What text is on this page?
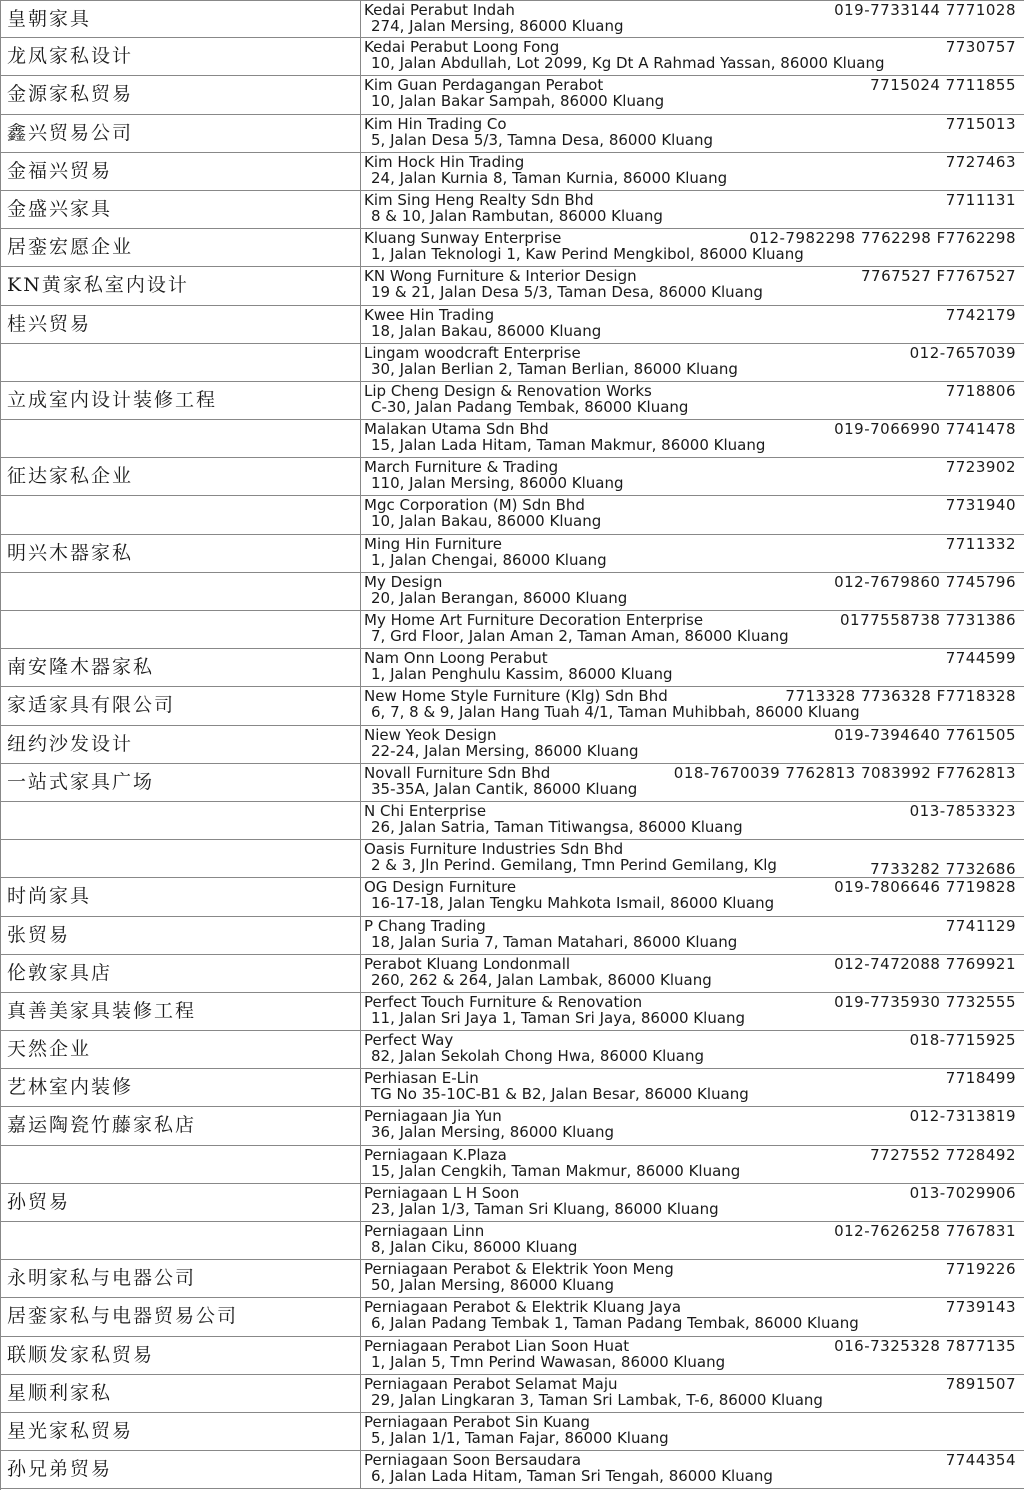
皇朝家具	Kedai Perabut Indah
274, Jalan Mersing, 86000 Kluang
019-7733144 7771028
龙凤家私设计	Kedai Perabut Loong Fong
10, Jalan Abdullah, Lot 2099, Kg Dt A Rahmad Yassan, 86000 Kluang
7730757
金源家私贸易	Kim Guan Perdagangan Perabot
10, Jalan Bakar Sampah, 86000 Kluang
7715024 7711855
鑫兴贸易公司	Kim Hin Trading Co
5, Jalan Desa 5/3, Tamna Desa, 86000 Kluang
7715013
金福兴贸易	Kim Hock Hin Trading
24, Jalan Kurnia 8, Taman Kurnia, 86000 Kluang
7727463
金盛兴家具	Kim Sing Heng Realty Sdn Bhd
8 & 10, Jalan Rambutan, 86000 Kluang
7711131
居銮宏愿企业	Kluang Sunway Enterprise
1, Jalan Teknologi 1, Kaw Perind Mengkibol, 86000 Kluang
012-7982298 7762298 F7762298
KN黄家私室内设计	KN Wong Furniture & Interior Design
19 & 21, Jalan Desa 5/3, Taman Desa, 86000 Kluang
7767527 F7767527
桂兴贸易	Kwee Hin Trading
18, Jalan Bakau, 86000 Kluang
7742179
Lingam woodcraft Enterprise
30, Jalan Berlian 2, Taman Berlian, 86000 Kluang
012-7657039
立成室内设计装修工程	Lip Cheng Design & Renovation Works
C-30, Jalan Padang Tembak, 86000 Kluang
7718806
Malakan Utama Sdn Bhd
15, Jalan Lada Hitam, Taman Makmur, 86000 Kluang
019-7066990 7741478
征达家私企业	March Furniture & Trading
110, Jalan Mersing, 86000 Kluang
7723902
Mgc Corporation (M) Sdn Bhd
10, Jalan Bakau, 86000 Kluang
7731940
明兴木器家私	Ming Hin Furniture
1, Jalan Chengai, 86000 Kluang
7711332
My Design
20, Jalan Berangan, 86000 Kluang
012-7679860 7745796
My Home Art Furniture Decoration Enterprise
7, Grd Floor, Jalan Aman 2, Taman Aman, 86000 Kluang
0177558738 7731386
南安隆木器家私	Nam Onn Loong Perabut
1, Jalan Penghulu Kassim, 86000 Kluang
7744599
家适家具有限公司	New Home Style Furniture (Klg) Sdn Bhd
6, 7, 8 & 9, Jalan Hang Tuah 4/1, Taman Muhibbah, 86000 Kluang
7713328 7736328 F7718328
纽约沙发设计	Niew Yeok Design
22-24, Jalan Mersing, 86000 Kluang
019-7394640 7761505
一站式家具广场	Novall Furniture Sdn Bhd
35-35A, Jalan Cantik, 86000 Kluang
018-7670039 7762813 7083992 F7762813
N Chi Enterprise
26, Jalan Satria, Taman Titiwangsa, 86000 Kluang
013-7853323
Oasis Furniture Industries Sdn Bhd
2 & 3, Jln Perind. Gemilang, Tmn Perind Gemilang, Klg	7733282 7732686
时尚家具	OG Design Furniture
16-17-18, Jalan Tengku Mahkota Ismail, 86000 Kluang
019-7806646 7719828
张贸易	P Chang Trading
18, Jalan Suria 7, Taman Matahari, 86000 Kluang
7741129
伦敦家具店	Perabot Kluang Londonmall
260, 262 & 264, Jalan Lambak, 86000 Kluang
012-7472088 7769921
真善美家具装修工程	Perfect Touch Furniture & Renovation
11, Jalan Sri Jaya 1, Taman Sri Jaya, 86000 Kluang
019-7735930 7732555
天然企业	Perfect Way
82, Jalan Sekolah Chong Hwa, 86000 Kluang
018-7715925
艺林室内装修	Perhiasan E-Lin
TG No 35-10C-B1 & B2, Jalan Besar, 86000 Kluang
7718499
嘉运陶瓷竹藤家私店	Perniagaan Jia Yun
36, Jalan Mersing, 86000 Kluang
012-7313819
Perniagaan K.Plaza
15, Jalan Cengkih, Taman Makmur, 86000 Kluang
7727552 7728492
孙贸易	Perniagaan L H Soon
23, Jalan 1/3, Taman Sri Kluang, 86000 Kluang
013-7029906
Perniagaan Linn
8, Jalan Ciku, 86000 Kluang
012-7626258 7767831
永明家私与电器公司	Perniagaan Perabot & Elektrik Yoon Meng
50, Jalan Mersing, 86000 Kluang
7719226
居銮家私与电器贸易公司	Perniagaan Perabot & Elektrik Kluang Jaya
6, Jalan Padang Tembak 1, Taman Padang Tembak, 86000 Kluang
7739143
联顺发家私贸易	Perniagaan Perabot Lian Soon Huat
1, Jalan 5, Tmn Perind Wawasan, 86000 Kluang
016-7325328 7877135
星顺利家私	Perniagaan Perabot Selamat Maju
29, Jalan Lingkaran 3, Taman Sri Lambak, T-6, 86000 Kluang
7891507
星光家私贸易	Perniagaan Perabot Sin Kuang
5, Jalan 1/1, Taman Fajar, 86000 Kluang
孙兄弟贸易	Perniagaan Soon Bersaudara
6, Jalan Lada Hitam, Taman Sri Tengah, 86000 Kluang
7744354
